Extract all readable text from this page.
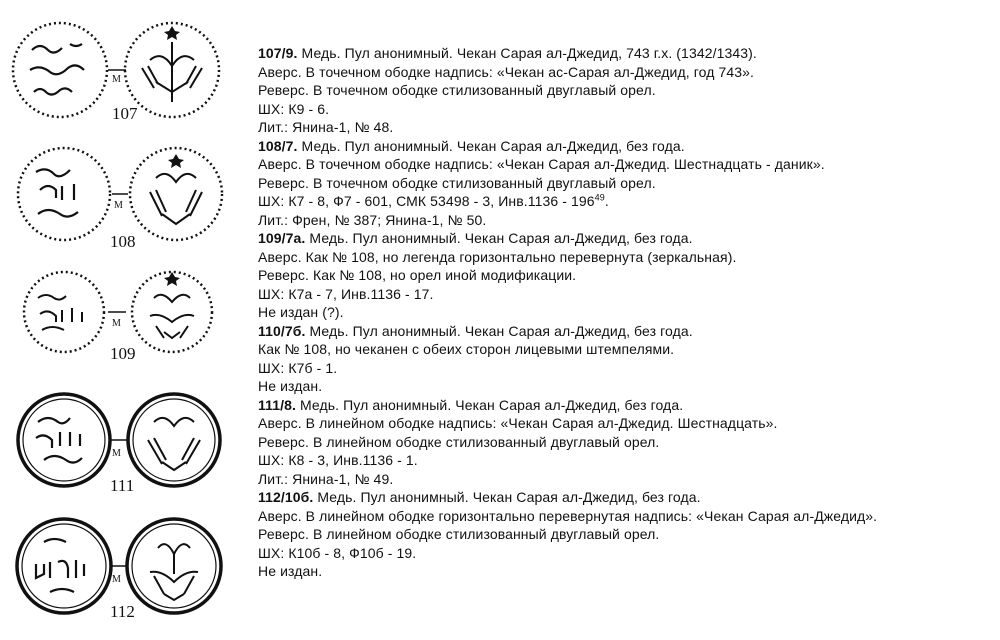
M
107
M
108
M
109
M
111
M
112
107/9. Медь. Пул анонимный. Чекан Сарая ал-Джедид, 743 г.х. (1342/1343).
Аверс. В точечном ободке надпись: «Чекан ас-Сарая ал-Джедид, год 743».
Реверс. В точечном ободке стилизованный двуглавый орел.
ШХ: К9 - 6.
Лит.: Янина-1, № 48.
108/7. Медь. Пул анонимный. Чекан Сарая ал-Джедид, без года.
Аверс. В точечном ободке надпись: «Чекан Сарая ал-Джедид. Шестнадцать - даник».
Реверс. В точечном ободке стилизованный двуглавый орел.
ШХ: К7 - 8, Ф7 - 601, СМК 53498 - 3, $Инв.1136 - 196^{49}$.
Лит.: Френ, № 387; Янина-1, № 50.
109/7а. Медь. Пул анонимный. Чекан Сарая ал-Джедид, без года.
Аверс. Как № 108, но легенда горизонтально перевернута (зеркальная).
Реверс. Как № 108, но орел иной модификации.
ШХ: К7а - 7, Инв.1136 - 17.
Не издан (?).
110/7б. Медь. Пул анонимный. Чекан Сарая ал-Джедид, без года.
Как № 108, но чеканен с обеих сторон лицевыми штемпелями.
ШХ: К7б - 1.
Не издан.
111/8. Медь. Пул анонимный. Чекан Сарая ал-Джедид, без года.
Аверс. В линейном ободке надпись: «Чекан Сарая ал-Джедид. Шестнадцать».
Реверс. В линейном ободке стилизованный двуглавый орел.
ШХ: К8 - 3, Инв.1136 - 1.
Лит.: Янина-1, № 49.
112/10б. Медь. Пул анонимный. Чекан Сарая ал-Джедид, без года.
Аверс. В линейном ободке горизонтально перевернутая надпись: «Чекан Сарая ал-Джедид».
Реверс. В линейном ободке стилизованный двуглавый орел.
ШХ: К10б - 8, Ф10б - 19.
Не издан.
